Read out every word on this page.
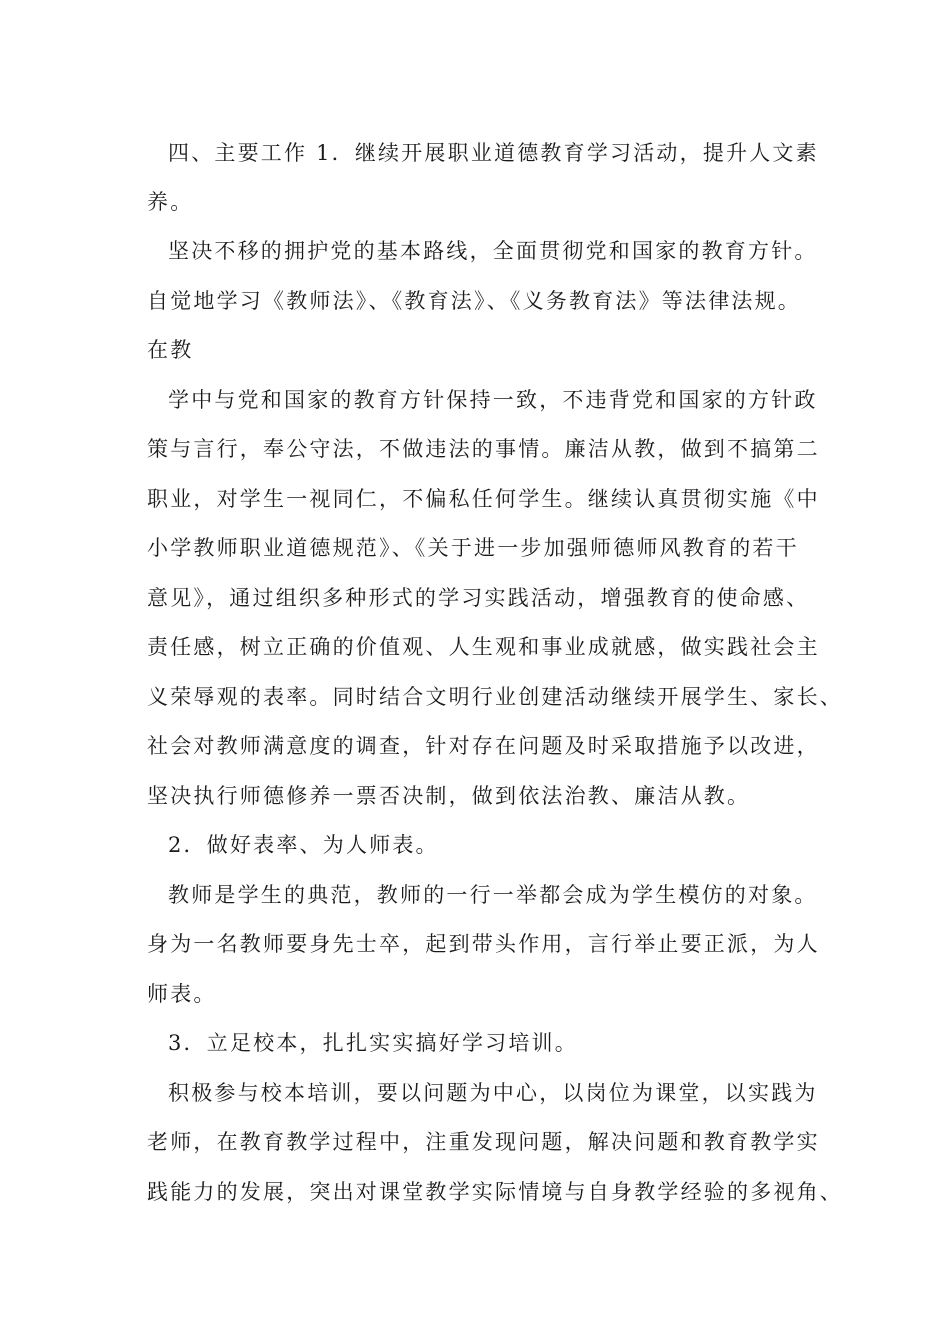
四、主要工作 1．继续开展职业道德教育学习活动，提升人文素
养。
坚决不移的拥护党的基本路线，全面贯彻党和国家的教育方针。
自觉地学习《教师法》、《教育法》、《义务教育法》等法律法规。
在教
学中与党和国家的教育方针保持一致，不违背党和国家的方针政
策与言行，奉公守法，不做违法的事情。廉洁从教，做到不搞第二
职业，对学生一视同仁，不偏私任何学生。继续认真贯彻实施《中
小学教师职业道德规范》、《关于进一步加强师德师风教育的若干
意见》，通过组织多种形式的学习实践活动，增强教育的使命感、
责任感，树立正确的价值观、人生观和事业成就感，做实践社会主
义荣辱观的表率。同时结合文明行业创建活动继续开展学生、家长、
社会对教师满意度的调查，针对存在问题及时采取措施予以改进，
坚决执行师德修养一票否决制，做到依法治教、廉洁从教。
2．做好表率、为人师表。
教师是学生的典范，教师的一行一举都会成为学生模仿的对象。
身为一名教师要身先士卒，起到带头作用，言行举止要正派，为人
师表。
3．立足校本，扎扎实实搞好学习培训。
积极参与校本培训，要以问题为中心，以岗位为课堂，以实践为
老师，在教育教学过程中，注重发现问题，解决问题和教育教学实
践能力的发展，突出对课堂教学实际情境与自身教学经验的多视角、
